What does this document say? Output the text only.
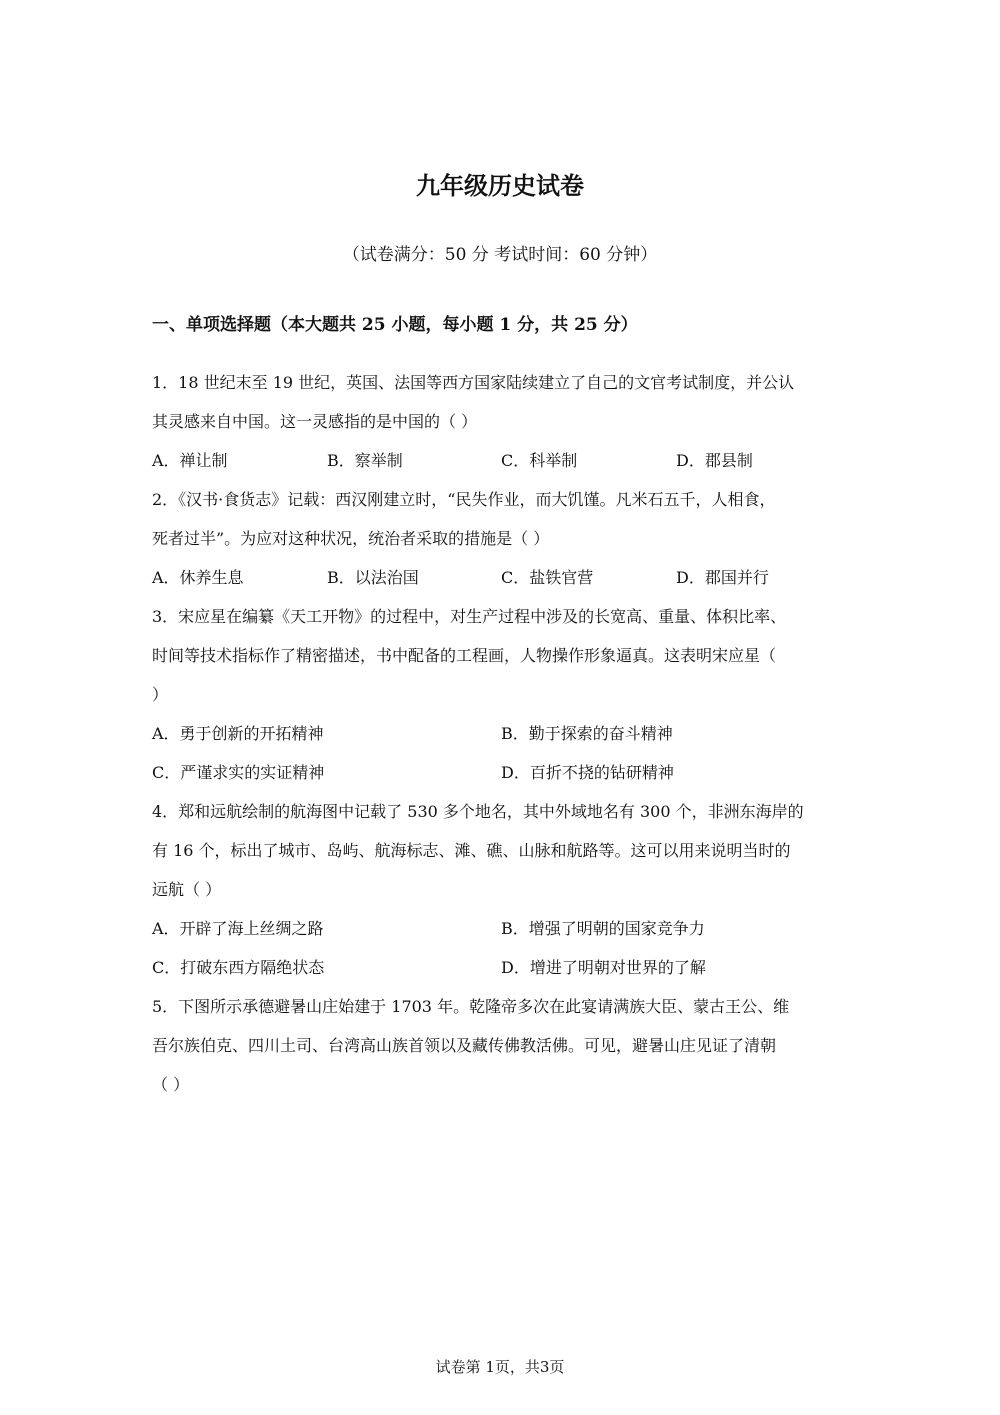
九年级历史试卷
（试卷满分：50 分 考试时间：60 分钟）
一、单项选择题（本大题共 25 小题，每小题 1 分，共 25 分）
1．18 世纪末至 19 世纪，英国、法国等西方国家陆续建立了自己的文官考试制度，并公认
其灵感来自中国。这一灵感指的是中国的（ ）
A．禅让制	B．察举制	C．科举制	D．郡县制
2．《汉书·食货志》记载：西汉刚建立时，“民失作业，而大饥馑。凡米石五千，人相食，
死者过半”。为应对这种状况，统治者采取的措施是（ ）
A．休养生息	B．以法治国	C．盐铁官营	D．郡国并行
3．宋应星在编纂《天工开物》的过程中，对生产过程中涉及的长宽高、重量、体积比率、
时间等技术指标作了精密描述，书中配备的工程画，人物操作形象逼真。这表明宋应星（
）
A．勇于创新的开拓精神	B．勤于探索的奋斗精神
C．严谨求实的实证精神	D．百折不挠的钻研精神
4．郑和远航绘制的航海图中记载了 530 多个地名，其中外域地名有 300 个，非洲东海岸的
有 16 个，标出了城市、岛屿、航海标志、滩、礁、山脉和航路等。这可以用来说明当时的
远航（ ）
A．开辟了海上丝绸之路	B．增强了明朝的国家竞争力
C．打破东西方隔绝状态	D．增进了明朝对世界的了解
5．下图所示承德避暑山庄始建于 1703 年。乾隆帝多次在此宴请满族大臣、蒙古王公、维
吾尔族伯克、四川土司、台湾高山族首领以及藏传佛教活佛。可见，避暑山庄见证了清朝
（ ）
试卷第 1页，共3页
